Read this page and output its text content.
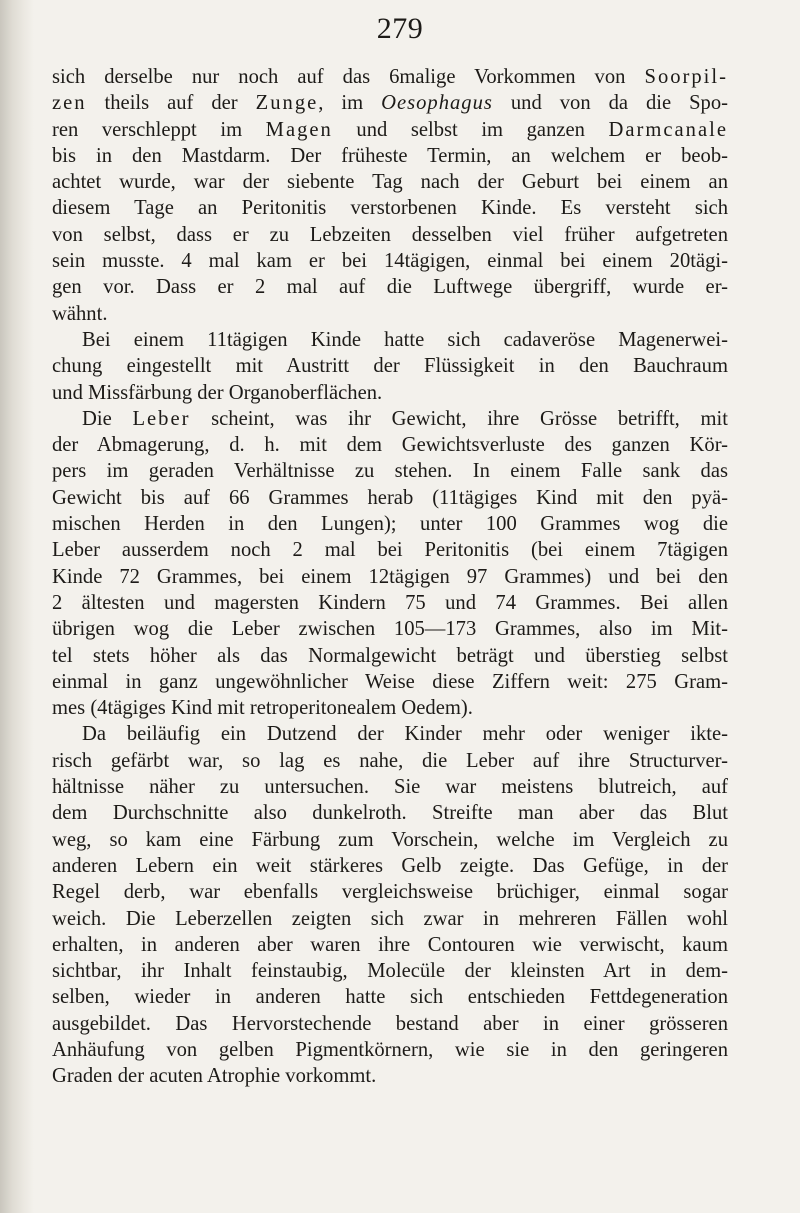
279

sich derselbe nur noch auf das 6malige Vorkommen von Soorpil-
zen theils auf der Zunge, im Oesophagus und von da die Spo-
ren verschleppt im Magen und selbst im ganzen Darmcanale
bis in den Mastdarm. Der früheste Termin, an welchem er beob-
achtet wurde, war der siebente Tag nach der Geburt bei einem an
diesem Tage an Peritonitis verstorbenen Kinde. Es versteht sich
von selbst, dass er zu Lebzeiten desselben viel früher aufgetreten
sein musste. 4 mal kam er bei 14tägigen, einmal bei einem 20tägi-
gen vor. Dass er 2 mal auf die Luftwege übergriff, wurde er-
wähnt.

Bei einem 11tägigen Kinde hatte sich cadaveröse Magenerwei-
chung eingestellt mit Austritt der Flüssigkeit in den Bauchraum
und Missfärbung der Organoberflächen.

Die Leber scheint, was ihr Gewicht, ihre Grösse betrifft, mit
der Abmagerung, d. h. mit dem Gewichtsverluste des ganzen Kör-
pers im geraden Verhältnisse zu stehen. In einem Falle sank das
Gewicht bis auf 66 Grammes herab (11tägiges Kind mit den pyä-
mischen Herden in den Lungen); unter 100 Grammes wog die
Leber ausserdem noch 2 mal bei Peritonitis (bei einem 7tägigen
Kinde 72 Grammes, bei einem 12tägigen 97 Grammes) und bei den
2 ältesten und magersten Kindern 75 und 74 Grammes. Bei allen
übrigen wog die Leber zwischen 105—173 Grammes, also im Mit-
tel stets höher als das Normalgewicht beträgt und überstieg selbst
einmal in ganz ungewöhnlicher Weise diese Ziffern weit: 275 Gram-
mes (4tägiges Kind mit retroperitonealem Oedem).

Da beiläufig ein Dutzend der Kinder mehr oder weniger ikte-
risch gefärbt war, so lag es nahe, die Leber auf ihre Structurver-
hältnisse näher zu untersuchen. Sie war meistens blutreich, auf
dem Durchschnitte also dunkelroth. Streifte man aber das Blut
weg, so kam eine Färbung zum Vorschein, welche im Vergleich zu
anderen Lebern ein weit stärkeres Gelb zeigte. Das Gefüge, in der
Regel derb, war ebenfalls vergleichsweise brüchiger, einmal sogar
weich. Die Leberzellen zeigten sich zwar in mehreren Fällen wohl
erhalten, in anderen aber waren ihre Contouren wie verwischt, kaum
sichtbar, ihr Inhalt feinstaubig, Molecüle der kleinsten Art in dem-
selben, wieder in anderen hatte sich entschieden Fettdegeneration
ausgebildet. Das Hervorstechende bestand aber in einer grösseren
Anhäufung von gelben Pigmentkörnern, wie sie in den geringeren
Graden der acuten Atrophie vorkommt.
